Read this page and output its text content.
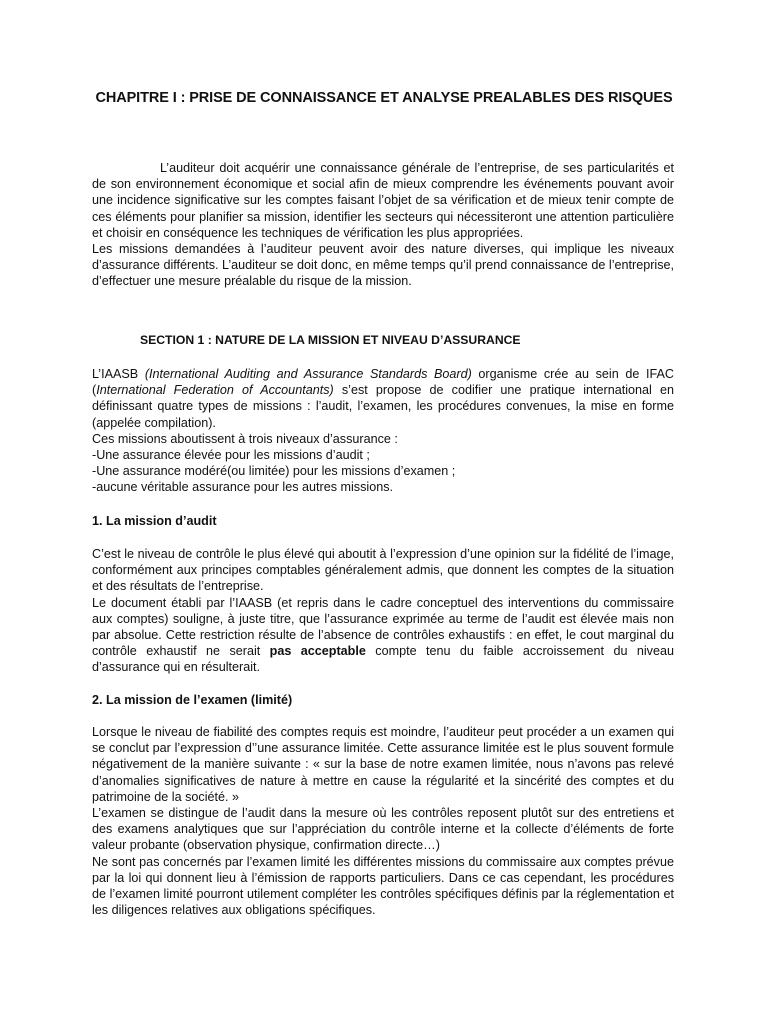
CHAPITRE I : PRISE DE CONNAISSANCE ET ANALYSE PREALABLES DES RISQUES

L’auditeur doit acquérir une connaissance générale de l’entreprise, de ses particularités et de son environnement économique et social afin de mieux comprendre les événements pouvant avoir une incidence significative sur les comptes faisant l’objet de sa vérification et de mieux tenir compte de ces éléments pour planifier sa mission, identifier les secteurs qui nécessiteront une attention particulière et choisir en conséquence les techniques de vérification les plus appropriées.

Les missions demandées à l’auditeur peuvent avoir des nature diverses, qui implique les niveaux d’assurance différents. L’auditeur se doit donc, en même temps qu’il prend connaissance de l’entreprise, d’effectuer une mesure préalable du risque de la mission.

SECTION 1 : NATURE DE LA MISSION ET NIVEAU D’ASSURANCE

L’IAASB (International Auditing and Assurance Standards Board) organisme crée au sein de IFAC (International Federation of Accountants) s’est propose de codifier une pratique international en définissant quatre types de missions : l’audit, l’examen, les procédures convenues, la mise en forme (appelée compilation).

Ces missions aboutissent à trois niveaux d’assurance :

-Une assurance élevée pour les missions d’audit ;

-Une assurance modéré(ou limitée) pour les missions d’examen ;

-aucune véritable assurance pour les autres missions.

1. La mission d’audit

C’est le niveau de contrôle le plus élevé qui aboutit à l’expression d’une opinion sur la fidélité de l’image, conformément aux principes comptables généralement admis, que donnent les comptes de la situation et des résultats de l’entreprise.

Le document établi par l’IAASB (et repris dans le cadre conceptuel des interventions du commissaire aux comptes) souligne, à juste titre, que l’assurance exprimée au terme de l’audit est élevée mais non par absolue. Cette restriction résulte de l’absence de contrôles exhaustifs : en effet, le cout marginal du contrôle exhaustif ne serait pas acceptable compte tenu du faible accroissement du niveau d’assurance qui en résulterait.

2. La mission de l’examen (limité)

Lorsque le niveau de fiabilité des comptes requis est moindre, l’auditeur peut procéder a un examen qui se conclut par l’expression d’’une assurance limitée. Cette assurance limitée est le plus souvent formule négativement de la manière suivante : « sur la base de notre examen limitée, nous n’avons pas relevé d’anomalies significatives de nature à mettre en cause la régularité et la sincérité des comptes et du patrimoine de la société. »

L’examen se distingue de l’audit dans la mesure où les contrôles reposent plutôt sur des entretiens et des examens analytiques que sur l’appréciation du contrôle interne et la collecte d’éléments de forte valeur probante (observation physique, confirmation directe…)

Ne sont pas concernés par l’examen limité les différentes missions du commissaire aux comptes prévue par la loi qui donnent lieu à l’émission de rapports particuliers. Dans ce cas cependant, les procédures de l’examen limité pourront utilement compléter les contrôles spécifiques définis par la réglementation et les diligences relatives aux obligations spécifiques.
